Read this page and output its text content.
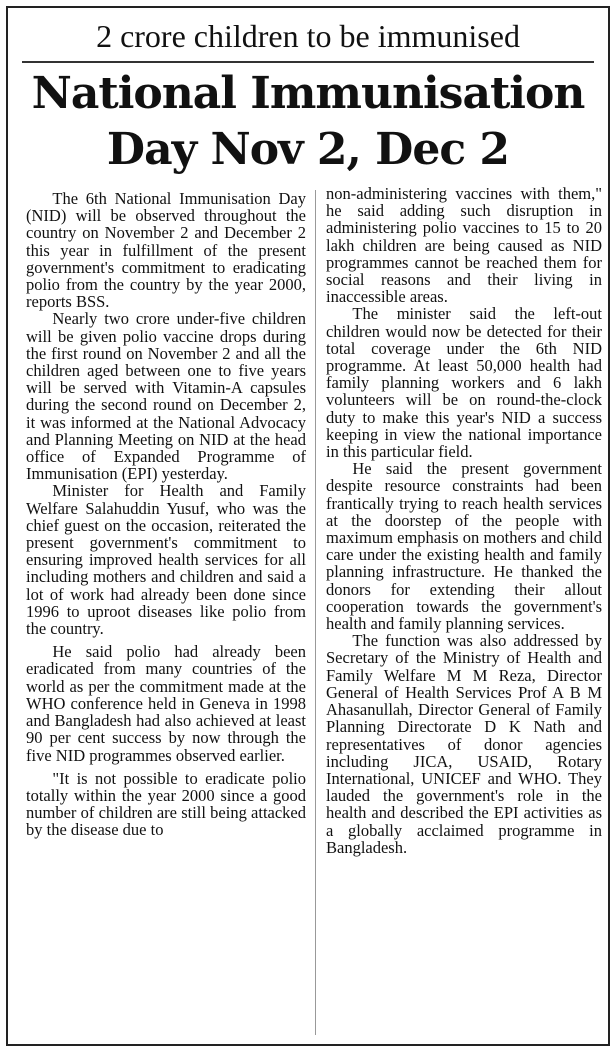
2 crore children to be immunised
National Immunisation Day Nov 2, Dec 2

The 6th National Immunisation Day (NID) will be observed throughout the country on November 2 and December 2 this year in fulfillment of the present government's commitment to eradicating polio from the country by the year 2000, reports BSS.

Nearly two crore under-five children will be given polio vaccine drops during the first round on November 2 and all the children aged between one to five years will be served with Vitamin-A capsules during the second round on December 2, it was informed at the National Advocacy and Planning Meeting on NID at the head office of Expanded Programme of Immunisation (EPI) yesterday.

Minister for Health and Family Welfare Salahuddin Yusuf, who was the chief guest on the occasion, reiterated the present government's commitment to ensuring improved health services for all including mothers and children and said a lot of work had already been done since 1996 to uproot diseases like polio from the country.

He said polio had already been eradicated from many countries of the world as per the commitment made at the WHO conference held in Geneva in 1998 and Bangladesh had also achieved at least 90 per cent success by now through the five NID programmes observed earlier.

"It is not possible to eradicate polio totally within the year 2000 since a good number of children are still being attacked by the disease due to

non-administering vaccines with them," he said adding such disruption in administering polio vaccines to 15 to 20 lakh children are being caused as NID programmes cannot be reached them for social reasons and their living in inaccessible areas.

The minister said the left-out children would now be detected for their total coverage under the 6th NID programme. At least 50,000 health had family planning workers and 6 lakh volunteers will be on round-the-clock duty to make this year's NID a success keeping in view the national importance in this particular field.

He said the present government despite resource constraints had been frantically trying to reach health services at the doorstep of the people with maximum emphasis on mothers and child care under the existing health and family planning infrastructure. He thanked the donors for extending their allout cooperation towards the government's health and family planning services.

The function was also addressed by Secretary of the Ministry of Health and Family Welfare M M Reza, Director General of Health Services Prof A B M Ahasanullah, Director General of Family Planning Directorate D K Nath and representatives of donor agencies including JICA, USAID, Rotary International, UNICEF and WHO. They lauded the government's role in the health and described the EPI activities as a globally acclaimed programme in Bangladesh.
